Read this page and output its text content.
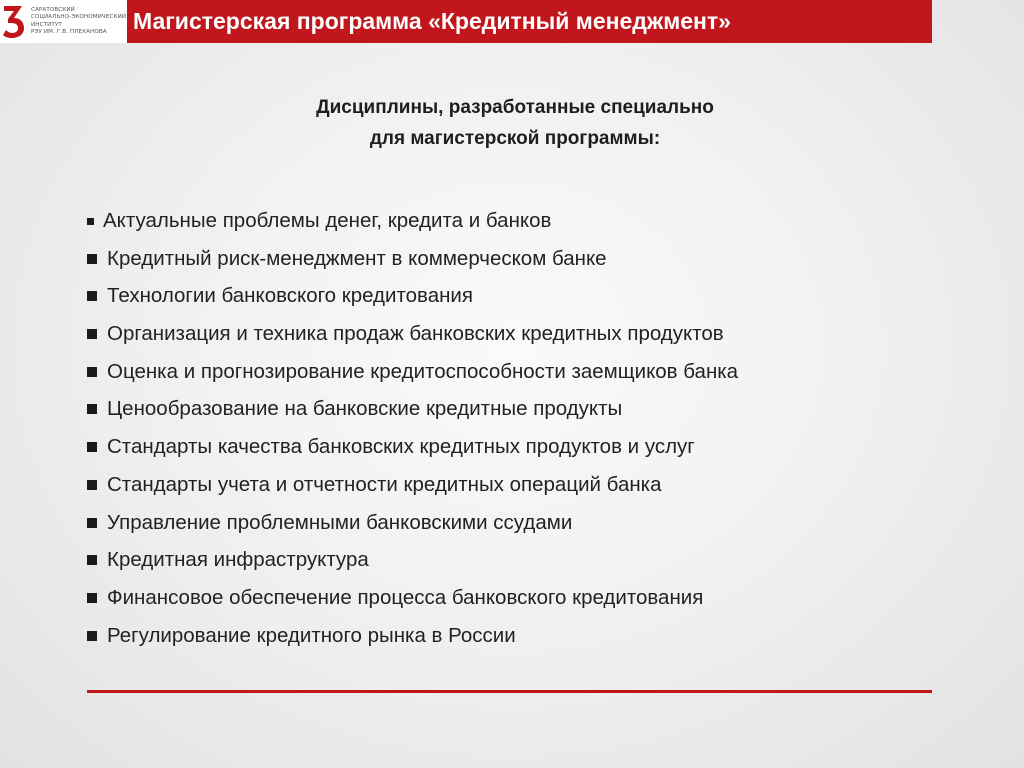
САРАТОВСКИЙ
СОЦИАЛЬНО-ЭКОНОМИЧЕСКИЙ
ИНСТИТУТ
РЭУ ИМ. Г.В. ПЛЕХАНОВА	Магистерская программа «Кредитный менеджмент»
Дисциплины, разработанные специально
для магистерской программы:
Актуальные проблемы денег, кредита и банков
Кредитный риск-менеджмент в коммерческом банке
Технологии банковского кредитования
Организация и техника продаж банковских кредитных продуктов
Оценка и прогнозирование кредитоспособности заемщиков банка
Ценообразование на банковские кредитные продукты
Стандарты качества банковских кредитных продуктов и услуг
Стандарты учета и отчетности кредитных операций банка
Управление проблемными банковскими ссудами
Кредитная инфраструктура
Финансовое обеспечение процесса банковского кредитования
Регулирование кредитного рынка в России
